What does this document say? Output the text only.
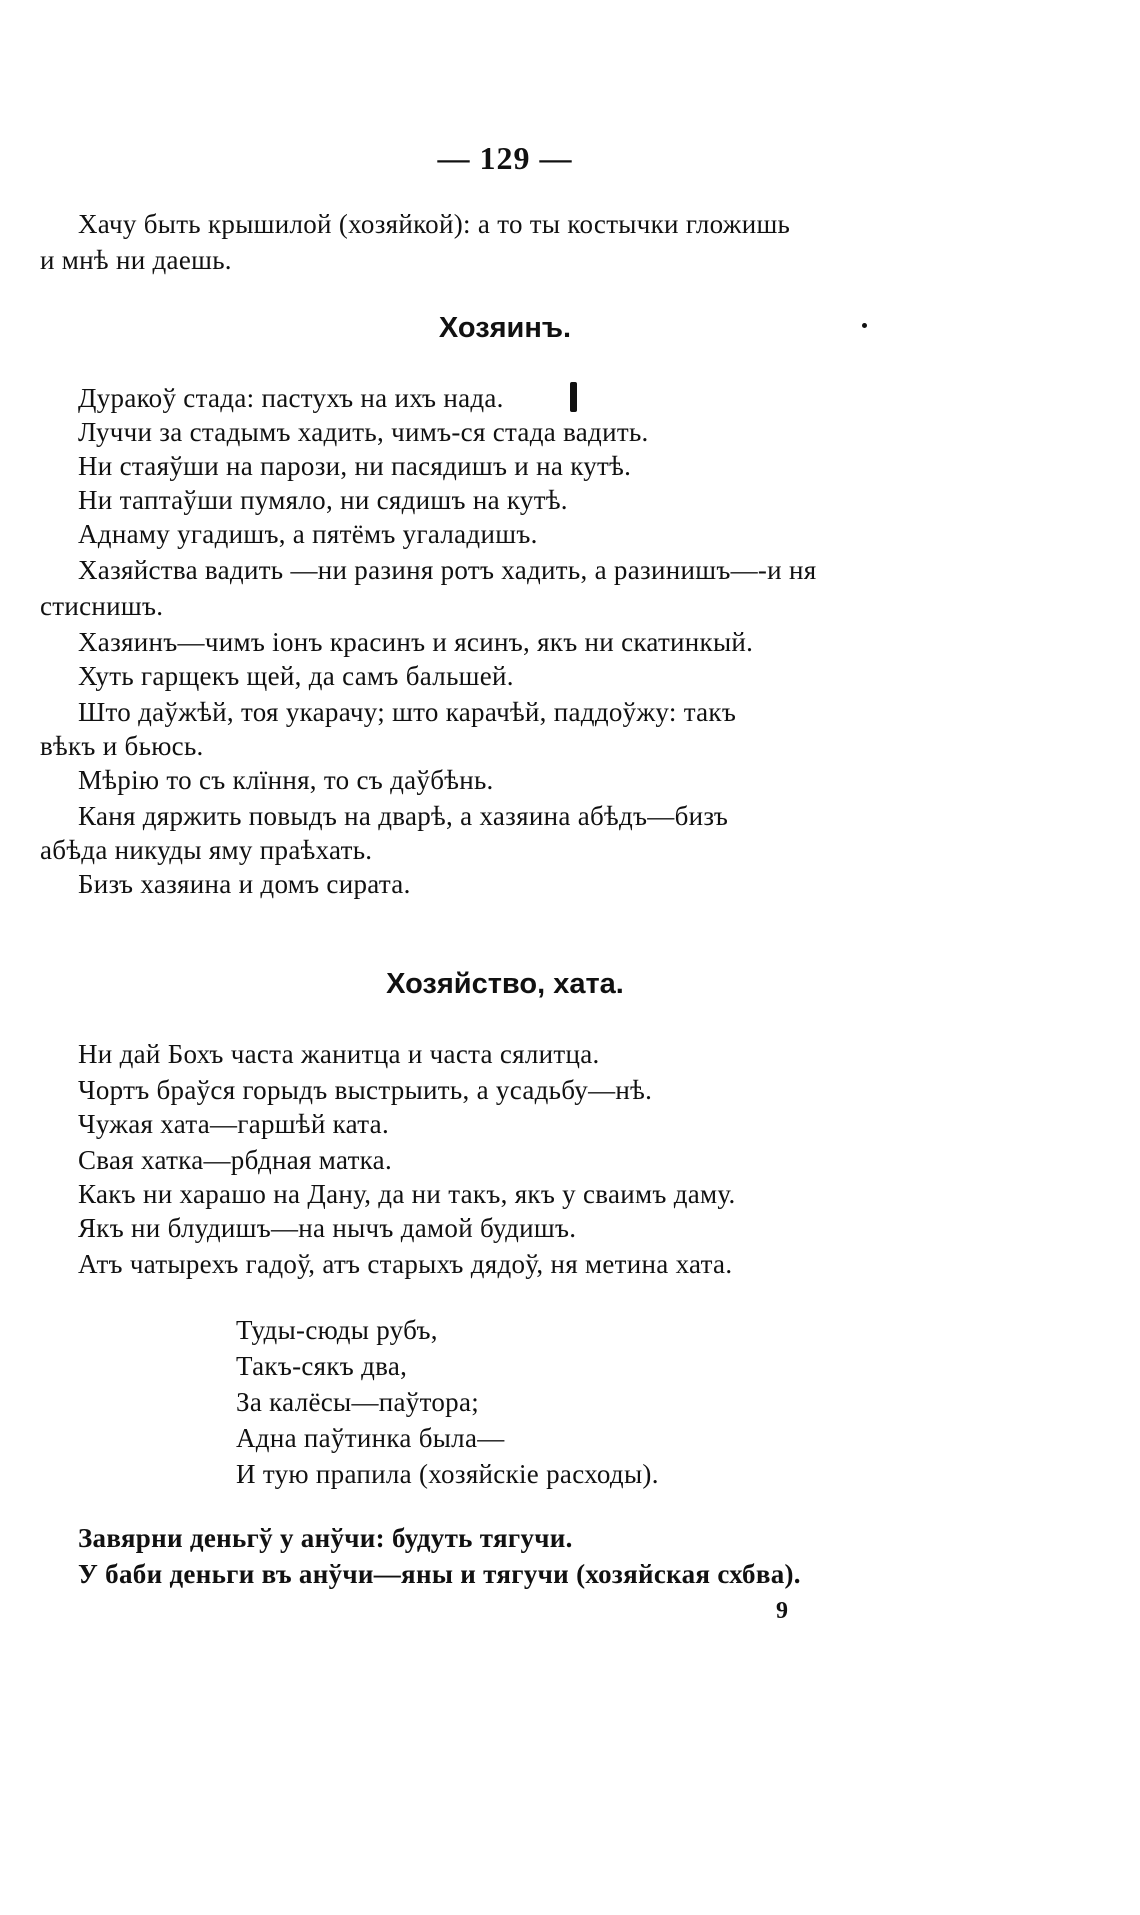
— 129 —
Хачу быть крышилой (хозяйкой): а то ты костычки гложишь
и мнѣ ни даешь.
Хозяинъ.
Дуракоў стада: пастухъ на ихъ нада.
Луччи за стадымъ хадить, чимъ-ся стада вадить.
Ни стаяўши на парози, ни пасядишъ и на кутѣ.
Ни таптаўши пумяло, ни сядишъ на кутѣ.
Аднаму угадишъ, а пятёмъ угаладишъ.
Хазяйства вадить —ни разиня ротъ хадить, а разинишъ—-и ня
стиснишъ.
Хазяинъ—чимъ іонъ красинъ и ясинъ, якъ ни скатинкый.
Хуть гарщекъ щей, да самъ бальшей.
Што даўжѣй, тоя укарачу; што карачѣй, паддоўжу: такъ
вѣкъ и бьюсь.
Мѣрію то съ клїння, то съ даўбѣнь.
Каня дяржить повыдъ на дварѣ, а хазяина абѣдъ—бизъ
абѣда никуды яму праѣхать.
Бизъ хазяина и домъ сирата.
Хозяйство, хата.
Ни дай Бохъ часта жанитца и часта сялитца.
Чортъ браўся горыдъ выстрыить, а усадьбу—нѣ.
Чужая хата—гаршѣй ката.
Свая хатка—рбдная матка.
Какъ ни харашо на Дану, да ни такъ, якъ у сваимъ даму.
Якъ ни блудишъ—на нычъ дамой будишъ.
Атъ чатырехъ гадоў, атъ старыхъ дядоў, ня метина хата.
Туды-сюды рубъ,
Такъ-сякъ два,
За калёсы—паўтора;
Адна паўтинка была—
И тую прапила (хозяйскіе расходы).
Завярни деньгў у анўчи: будуть тягучи.
У баби деньги въ анўчи—яны и тягучи (хозяйская схбва).
9
